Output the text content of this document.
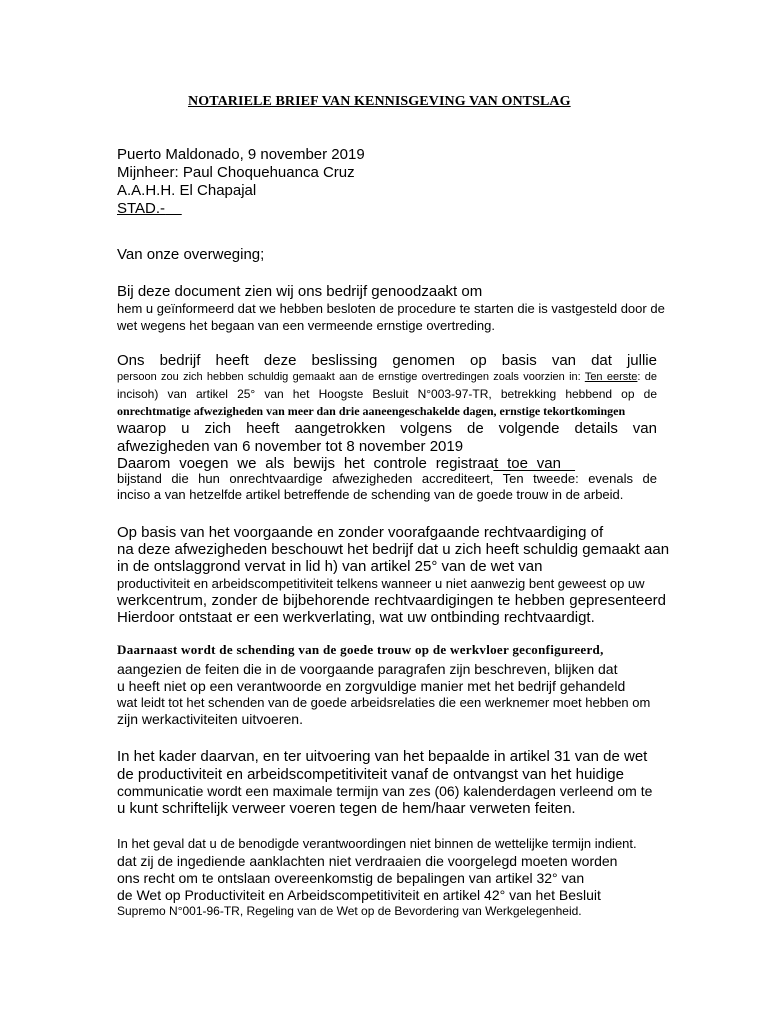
NOTARIELE BRIEF VAN KENNISGEVING VAN ONTSLAG

Puerto Maldonado, 9 november 2019

Mijnheer: Paul Choquehuanca Cruz

A.A.H.H. El Chapajal

STAD.-

Van onze overweging;

Bij deze document zien wij ons bedrijf genoodzaakt om

hem u geïnformeerd dat we hebben besloten de procedure te starten die is vastgesteld door de

wet wegens het begaan van een vermeende ernstige overtreding.

Ons bedrijf heeft deze beslissing genomen op basis van dat jullie

persoon zou zich hebben schuldig gemaakt aan de ernstige overtredingen zoals voorzien in: Ten eerste: de

incisoh) van artikel 25° van het Hoogste Besluit N°003-97-TR, betrekking hebbend op de

onrechtmatige afwezigheden van meer dan drie aaneengeschakelde dagen, ernstige tekortkomingen

waarop u zich heeft aangetrokken volgens de volgende details van

afwezigheden van 6 november tot 8 november 2019

Daarom voegen we als bewijs het controle registraat toe van

bijstand die hun onrechtvaardige afwezigheden accrediteert, Ten tweede: evenals de

inciso a van hetzelfde artikel betreffende de schending van de goede trouw in de arbeid.

Op basis van het voorgaande en zonder voorafgaande rechtvaardiging of

na deze afwezigheden beschouwt het bedrijf dat u zich heeft schuldig gemaakt aan

in de ontslaggrond vervat in lid h) van artikel 25° van de wet van

productiviteit en arbeidscompetitiviteit telkens wanneer u niet aanwezig bent geweest op uw

werkcentrum, zonder de bijbehorende rechtvaardigingen te hebben gepresenteerd

Hierdoor ontstaat er een werkverlating, wat uw ontbinding rechtvaardigt.

Daarnaast wordt de schending van de goede trouw op de werkvloer geconfigureerd,

aangezien de feiten die in de voorgaande paragrafen zijn beschreven, blijken dat

u heeft niet op een verantwoorde en zorgvuldige manier met het bedrijf gehandeld

wat leidt tot het schenden van de goede arbeidsrelaties die een werknemer moet hebben om

zijn werkactiviteiten uitvoeren.

In het kader daarvan, en ter uitvoering van het bepaalde in artikel 31 van de wet

de productiviteit en arbeidscompetitiviteit vanaf de ontvangst van het huidige

communicatie wordt een maximale termijn van zes (06) kalenderdagen verleend om te

u kunt schriftelijk verweer voeren tegen de hem/haar verweten feiten.

In het geval dat u de benodigde verantwoordingen niet binnen de wettelijke termijn indient.

dat zij de ingediende aanklachten niet verdraaien die voorgelegd moeten worden

ons recht om te ontslaan overeenkomstig de bepalingen van artikel 32° van

de Wet op Productiviteit en Arbeidscompetitiviteit en artikel 42° van het Besluit

Supremo N°001-96-TR, Regeling van de Wet op de Bevordering van Werkgelegenheid.
